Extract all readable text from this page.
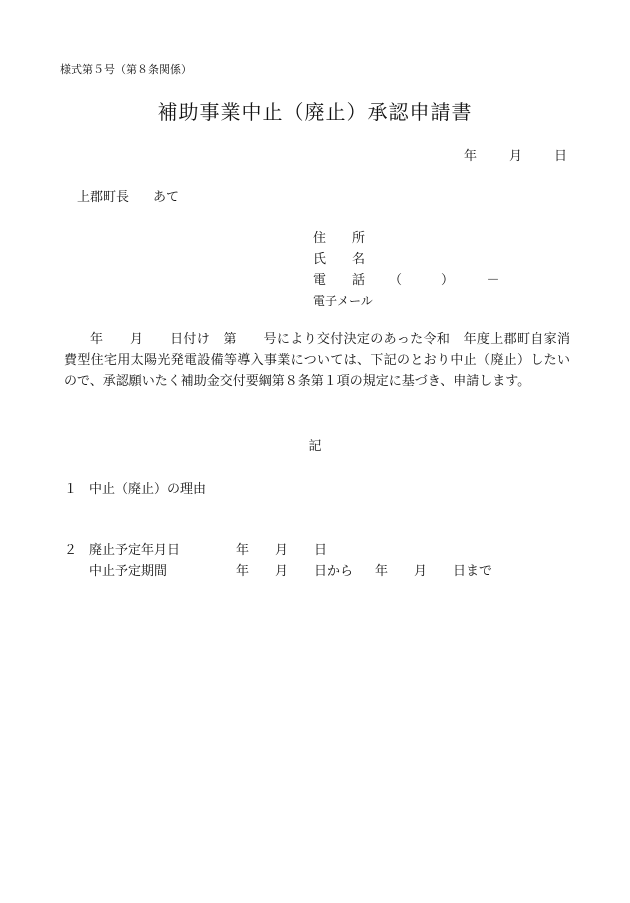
様式第５号（第８条関係）
補助事業中止（廃止）承認申請書
年 月 日
上郡町長 あて
住　　所
氏　　名
電　　話 （　　　）　　　－
電子メール
年　　月　　日付け　第　　号により交付決定のあった令和　年度上郡町自家消費型住宅用太陽光発電設備等導入事業については、下記のとおり中止（廃止）したいので、承認願いたく補助金交付要綱第８条第１項の規定に基づき、申請します。
記
１ 中止（廃止）の理由
２ 廃止予定年月日	年　　月　　日
中止予定期間	年　　月　　日から 年　　月　　日まで
